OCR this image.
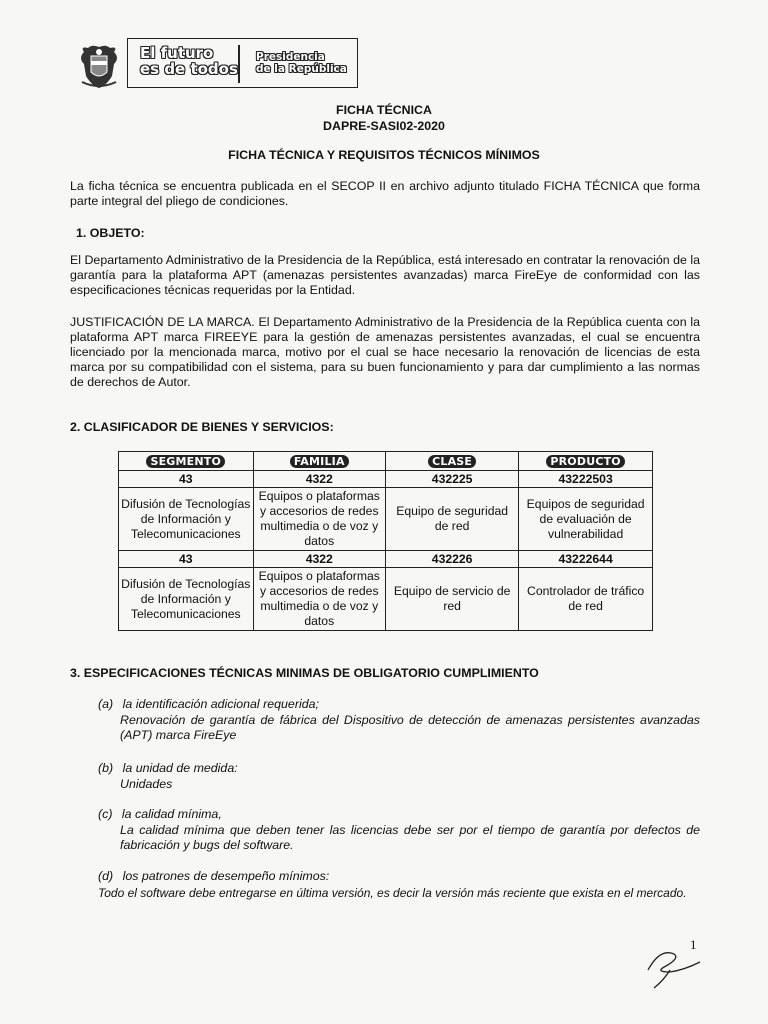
El futuro
es de todos
Presidencia
de la República
FICHA TÉCNICA
DAPRE-SASI02-2020
FICHA TÉCNICA Y REQUISITOS TÉCNICOS MÍNIMOS
La ficha técnica se encuentra publicada en el SECOP II en archivo adjunto titulado FICHA TÉCNICA que forma parte integral del pliego de condiciones.
1. OBJETO:
El Departamento Administrativo de la Presidencia de la República, está interesado en contratar la renovación de la garantía para la plataforma APT (amenazas persistentes avanzadas) marca FireEye de conformidad con las especificaciones técnicas requeridas por la Entidad.
JUSTIFICACIÓN DE LA MARCA. El Departamento Administrativo de la Presidencia de la República cuenta con la plataforma APT marca FIREEYE para la gestión de amenazas persistentes avanzadas, el cual se encuentra licenciado por la mencionada marca, motivo por el cual se hace necesario la renovación de licencias de esta marca por su compatibilidad con el sistema, para su buen funcionamiento y para dar cumplimiento a las normas de derechos de Autor.
2. CLASIFICADOR DE BIENES Y SERVICIOS:
SEGMENTO	FAMILIA	CLASE	PRODUCTO
43	4322	432225	43222503
Difusión de Tecnologías de Información y Telecomunicaciones	Equipos o plataformas y accesorios de redes multimedia o de voz y datos	Equipo de seguridad de red	Equipos de seguridad de evaluación de vulnerabilidad
43	4322	432226	43222644
Difusión de Tecnologías de Información y Telecomunicaciones	Equipos o plataformas y accesorios de redes multimedia o de voz y datos	Equipo de servicio de red	Controlador de tráfico de red
3. ESPECIFICACIONES TÉCNICAS MINIMAS DE OBLIGATORIO CUMPLIMIENTO
(a) la identificación adicional requerida;
Renovación de garantía de fábrica del Dispositivo de detección de amenazas persistentes avanzadas (APT) marca FireEye
(b) la unidad de medida:
Unidades
(c) la calidad mínima,
La calidad mínima que deben tener las licencias debe ser por el tiempo de garantía por defectos de fabricación y bugs del software.
(d) los patrones de desempeño mínimos:
Todo el software debe entregarse en última versión, es decir la versión más reciente que exista en el mercado.
1
